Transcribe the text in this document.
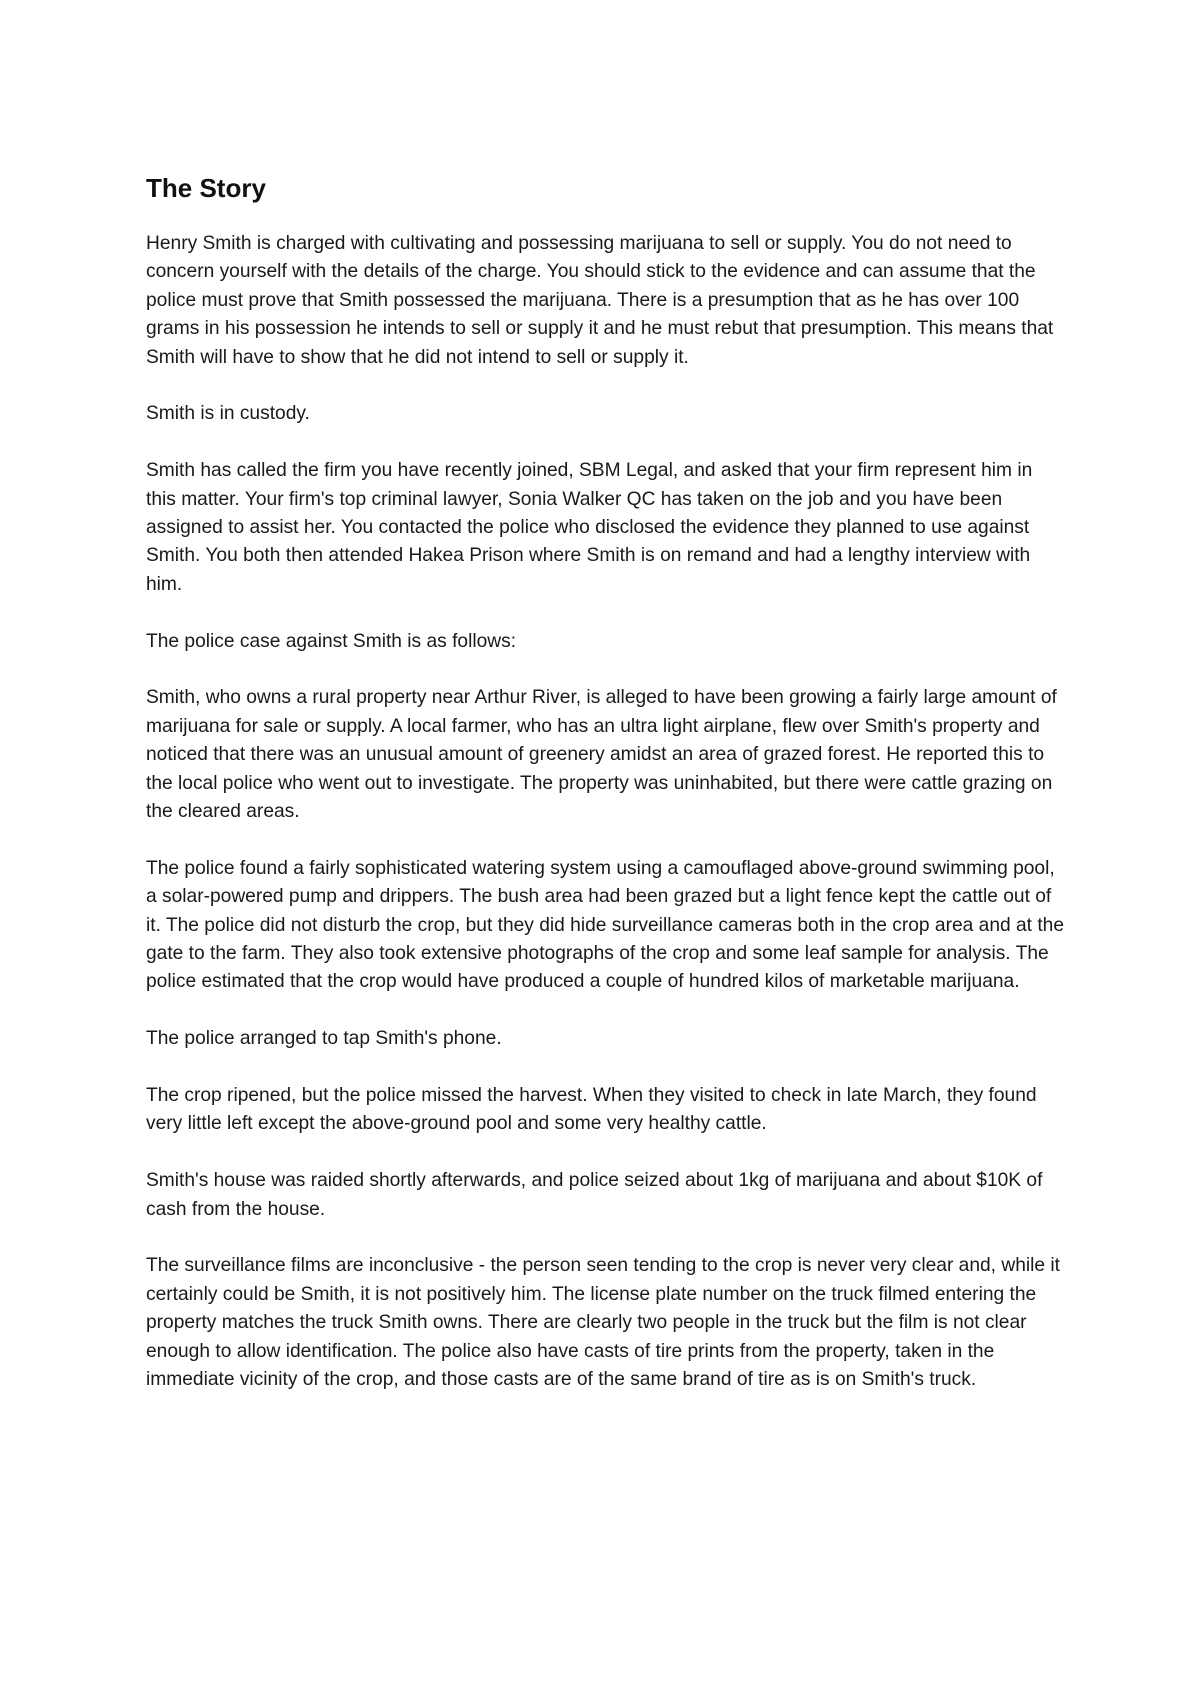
The Story

Henry Smith is charged with cultivating and possessing marijuana to sell or supply. You do not need to concern yourself with the details of the charge. You should stick to the evidence and can assume that the police must prove that Smith possessed the marijuana. There is a presumption that as he has over 100 grams in his possession he intends to sell or supply it and he must rebut that presumption. This means that Smith will have to show that he did not intend to sell or supply it.

Smith is in custody.

Smith has called the firm you have recently joined, SBM Legal, and asked that your firm represent him in this matter. Your firm's top criminal lawyer, Sonia Walker QC has taken on the job and you have been assigned to assist her. You contacted the police who disclosed the evidence they planned to use against Smith. You both then attended Hakea Prison where Smith is on remand and had a lengthy interview with him.

The police case against Smith is as follows:

Smith, who owns a rural property near Arthur River, is alleged to have been growing a fairly large amount of marijuana for sale or supply. A local farmer, who has an ultra light airplane, flew over Smith's property and noticed that there was an unusual amount of greenery amidst an area of grazed forest. He reported this to the local police who went out to investigate. The property was uninhabited, but there were cattle grazing on the cleared areas.

The police found a fairly sophisticated watering system using a camouflaged above-ground swimming pool, a solar-powered pump and drippers. The bush area had been grazed but a light fence kept the cattle out of it. The police did not disturb the crop, but they did hide surveillance cameras both in the crop area and at the gate to the farm. They also took extensive photographs of the crop and some leaf sample for analysis. The police estimated that the crop would have produced a couple of hundred kilos of marketable marijuana.

The police arranged to tap Smith's phone.

The crop ripened, but the police missed the harvest. When they visited to check in late March, they found very little left except the above-ground pool and some very healthy cattle.

Smith's house was raided shortly afterwards, and police seized about 1kg of marijuana and about $10K of cash from the house.

The surveillance films are inconclusive - the person seen tending to the crop is never very clear and, while it certainly could be Smith, it is not positively him. The license plate number on the truck filmed entering the property matches the truck Smith owns. There are clearly two people in the truck but the film is not clear enough to allow identification. The police also have casts of tire prints from the property, taken in the immediate vicinity of the crop, and those casts are of the same brand of tire as is on Smith's truck.
